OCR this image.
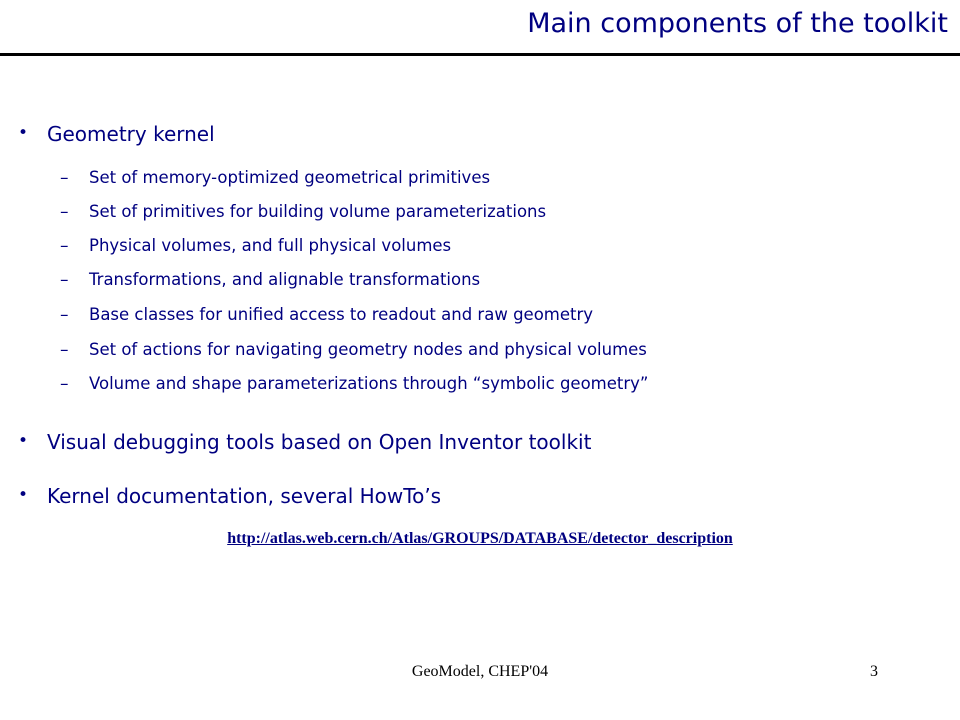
Main components of the toolkit
• Geometry kernel
– Set of memory-optimized geometrical primitives
– Set of primitives for building volume parameterizations
– Physical volumes, and full physical volumes
– Transformations, and alignable transformations
– Base classes for unified access to readout and raw geometry
– Set of actions for navigating geometry nodes and physical volumes
– Volume and shape parameterizations through “symbolic geometry”
• Visual debugging tools based on Open Inventor toolkit
• Kernel documentation, several HowTo’s
http://atlas.web.cern.ch/Atlas/GROUPS/DATABASE/detector_description
GeoModel, CHEP'04	3
